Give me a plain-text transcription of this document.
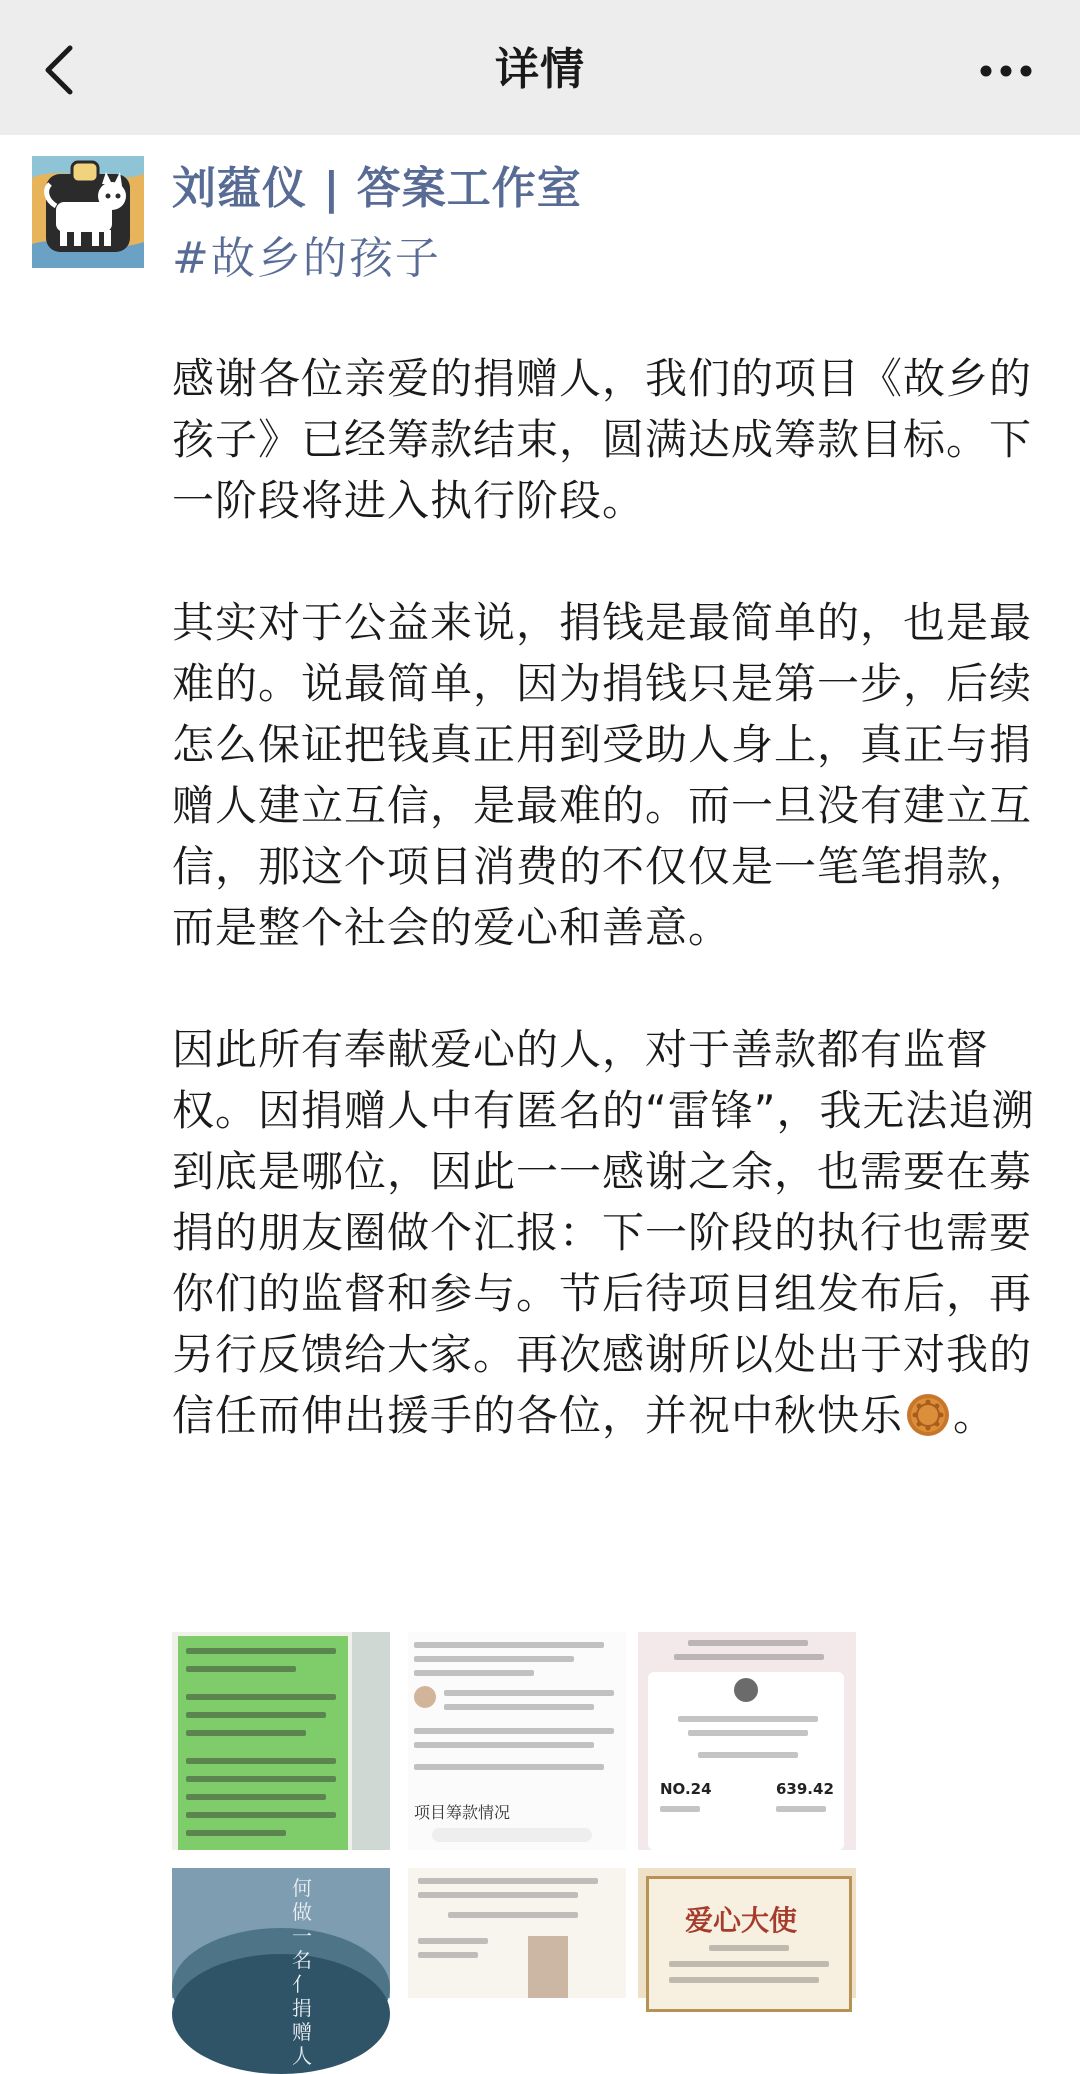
详情
刘蕴仪 | 答案工作室
#故乡的孩子

感谢各位亲爱的捐赠人，我们的项目《故乡的孩子》已经筹款结束，圆满达成筹款目标。下一阶段将进入执行阶段。

其实对于公益来说，捐钱是最简单的，也是最难的。说最简单，因为捐钱只是第一步，后续怎么保证把钱真正用到受助人身上，真正与捐赠人建立互信，是最难的。而一旦没有建立互信，那这个项目消费的不仅仅是一笔笔捐款，而是整个社会的爱心和善意。

因此所有奉献爱心的人，对于善款都有监督权。因捐赠人中有匿名的“雷锋”，我无法追溯到底是哪位，因此一一感谢之余，也需要在募捐的朋友圈做个汇报：下一阶段的执行也需要你们的监督和参与。节后待项目组发布后，再另行反馈给大家。再次感谢所以处出于对我的信任而伸出援手的各位，并祝中秋快乐 。

项目筹款情况
NO.24	639.42
何做一名亻捐赠人
爱心大使
